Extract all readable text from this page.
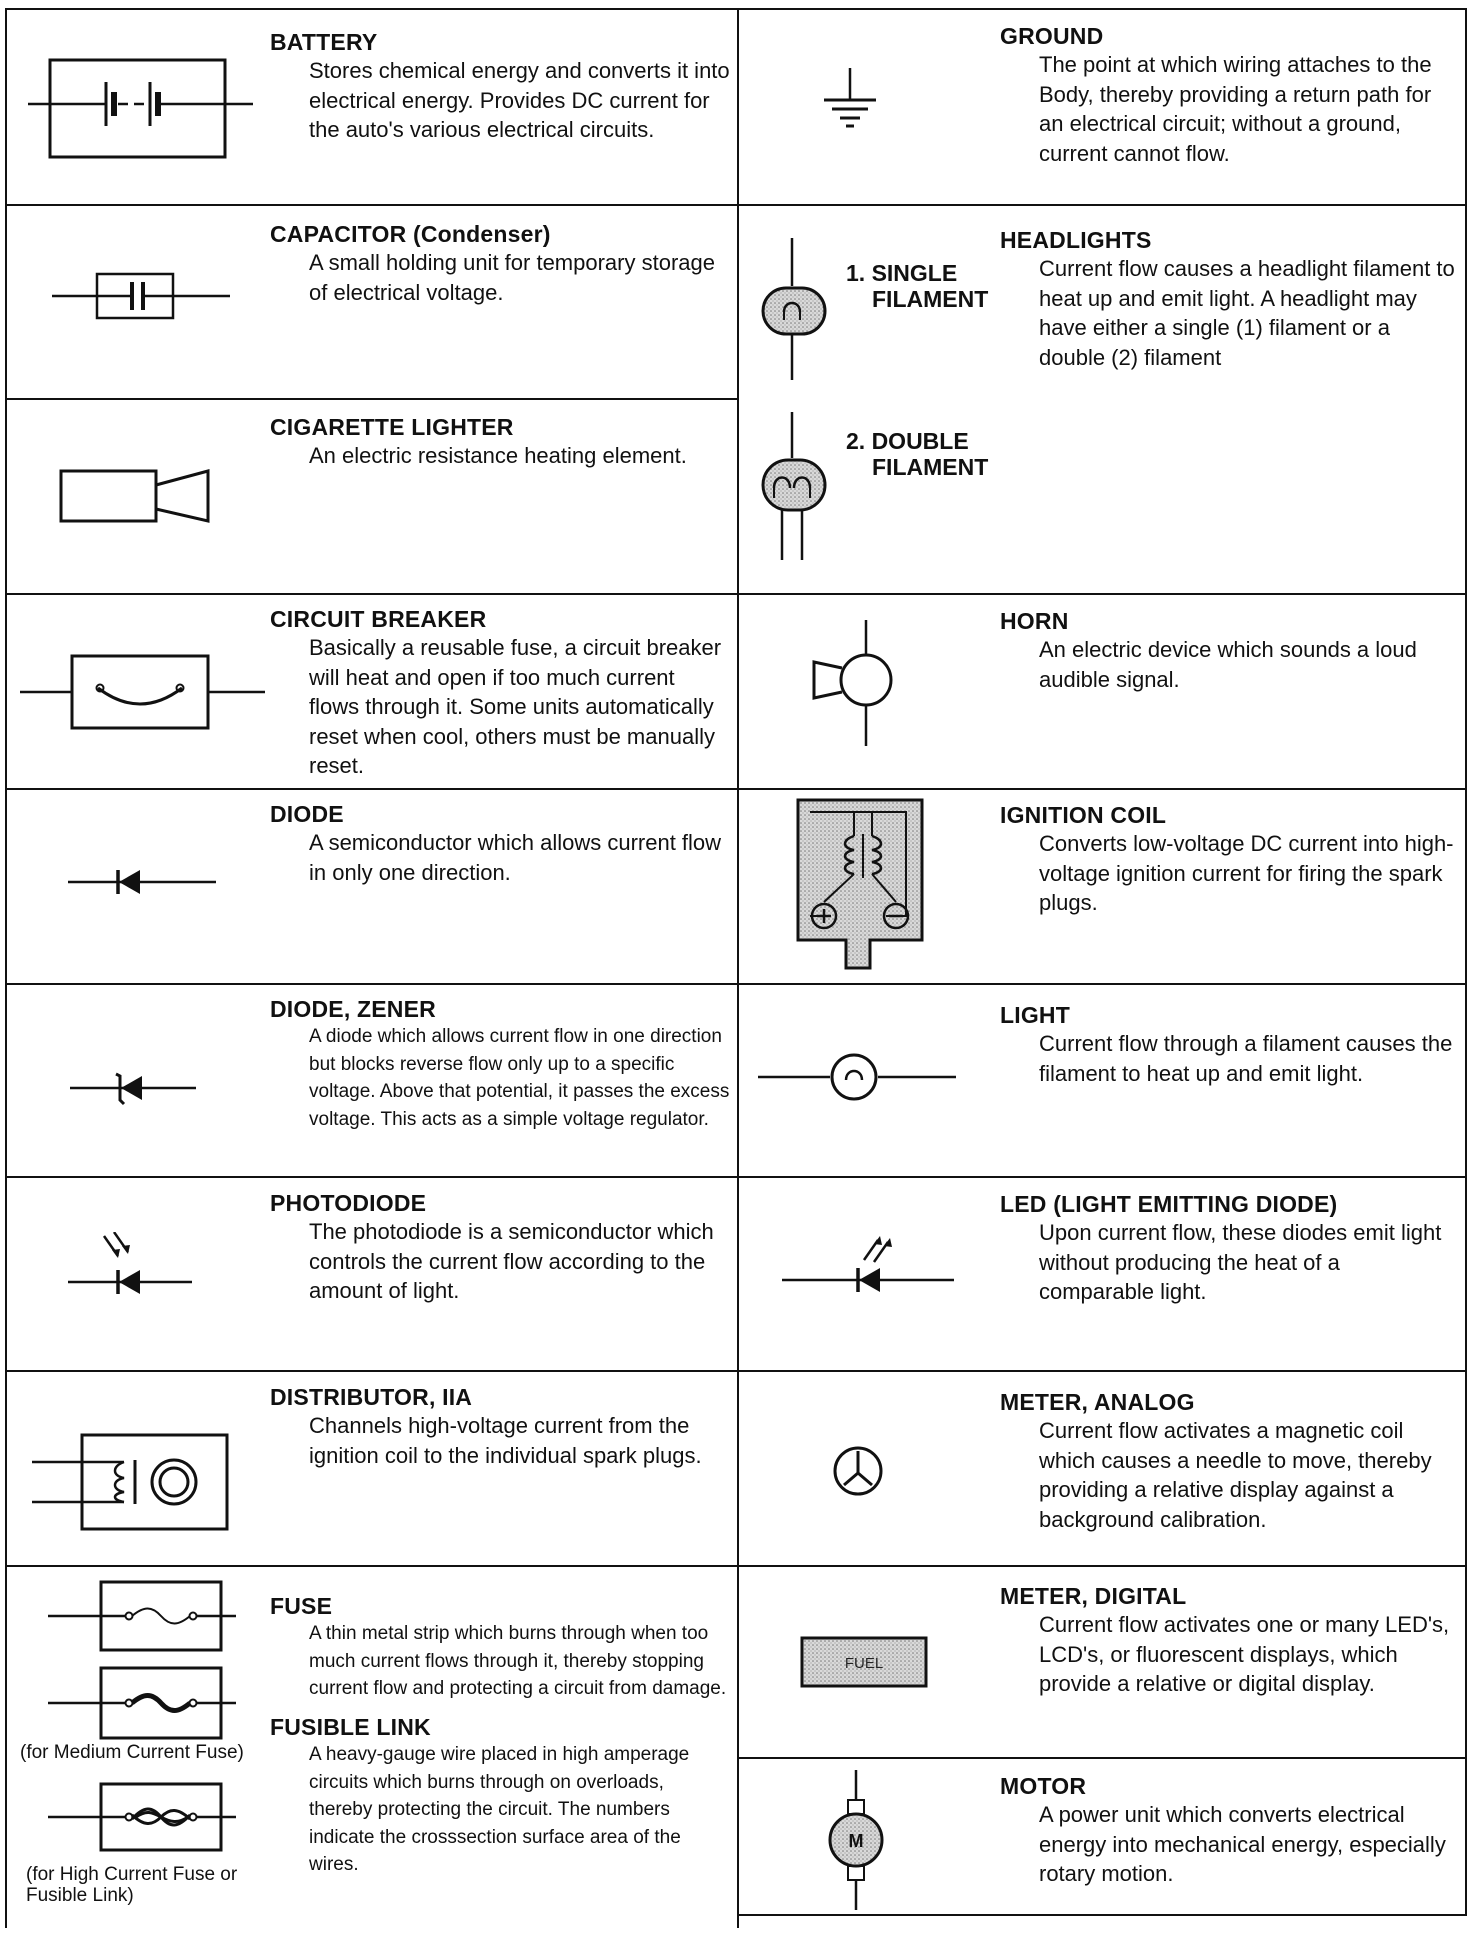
BATTERY
Stores chemical energy and converts it into electrical energy. Provides DC current for the auto's various electrical circuits.
CAPACITOR (Condenser)
A small holding unit for temporary storage of electrical voltage.
CIGARETTE LIGHTER
An electric resistance heating element.
CIRCUIT BREAKER
Basically a reusable fuse, a circuit breaker will heat and open if too much current flows through it. Some units automatically reset when cool, others must be manually reset.
DIODE
A semiconductor which allows current flow in only one direction.
DIODE, ZENER
A diode which allows current flow in one direction but blocks reverse flow only up to a specific voltage. Above that potential, it passes the excess voltage. This acts as a simple voltage regulator.
PHOTODIODE
The photodiode is a semiconductor which controls the current flow according to the amount of light.
DISTRIBUTOR, IIA
Channels high-voltage current from the ignition coil to the individual spark plugs.
(for Medium Current Fuse)
(for High Current Fuse or
Fusible Link)
FUSE
A thin metal strip which burns through when too much current flows through it, thereby stopping current flow and protecting a circuit from damage.
FUSIBLE LINK
A heavy-gauge wire placed in high amperage circuits which burns through on overloads, thereby protecting the circuit. The numbers indicate the crosssection surface area of the wires.
GROUND
The point at which wiring attaches to the Body, thereby providing a return path for an electrical circuit; without a ground, current cannot flow.
1. SINGLE
FILAMENT
2. DOUBLE
FILAMENT
HEADLIGHTS
Current flow causes a headlight filament to heat up and emit light. A headlight may have either a single (1) filament or a double (2) filament
HORN
An electric device which sounds a loud audible signal.
IGNITION COIL
Converts low-voltage DC current into high-voltage ignition current for firing the spark plugs.
LIGHT
Current flow through a filament causes the filament to heat up and emit light.
LED (LIGHT EMITTING DIODE)
Upon current flow, these diodes emit light without producing the heat of a comparable light.
METER, ANALOG
Current flow activates a magnetic coil which causes a needle to move, thereby providing a relative display against a background calibration.
FUEL
METER, DIGITAL
Current flow activates one or many LED's, LCD's, or fluorescent displays, which provide a relative or digital display.
M
MOTOR
A power unit which converts electrical energy into mechanical energy, especially rotary motion.
